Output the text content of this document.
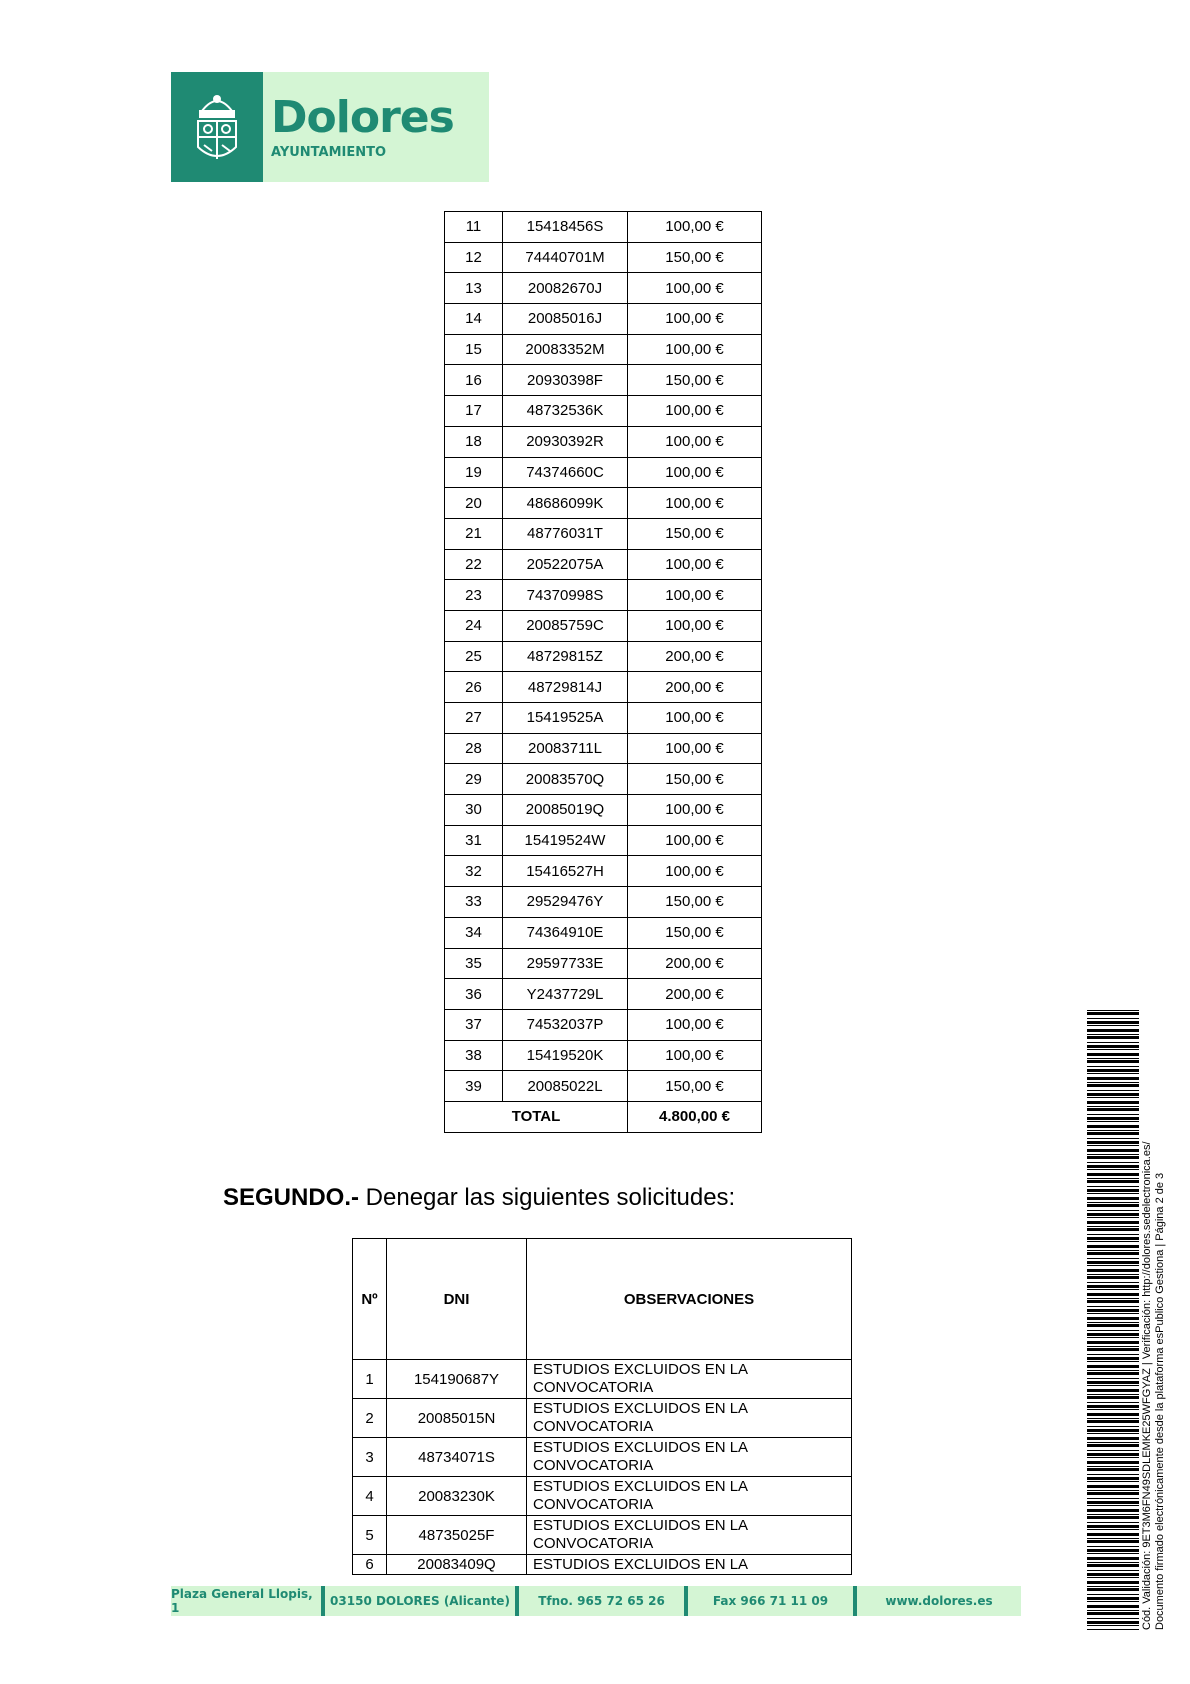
Dolores
AYUNTAMIENTO
11	15418456S	100,00 €
12	74440701M	150,00 €
13	20082670J	100,00 €
14	20085016J	100,00 €
15	20083352M	100,00 €
16	20930398F	150,00 €
17	48732536K	100,00 €
18	20930392R	100,00 €
19	74374660C	100,00 €
20	48686099K	100,00 €
21	48776031T	150,00 €
22	20522075A	100,00 €
23	74370998S	100,00 €
24	20085759C	100,00 €
25	48729815Z	200,00 €
26	48729814J	200,00 €
27	15419525A	100,00 €
28	20083711L	100,00 €
29	20083570Q	150,00 €
30	20085019Q	100,00 €
31	15419524W	100,00 €
32	15416527H	100,00 €
33	29529476Y	150,00 €
34	74364910E	150,00 €
35	29597733E	200,00 €
36	Y2437729L	200,00 €
37	74532037P	100,00 €
38	15419520K	100,00 €
39	20085022L	150,00 €
TOTAL		4.800,00 €
SEGUNDO.- Denegar las siguientes solicitudes:
Nº	DNI	OBSERVACIONES
1	154190687Y	ESTUDIOS EXCLUIDOS EN LA CONVOCATORIA
2	20085015N	ESTUDIOS EXCLUIDOS EN LA CONVOCATORIA
3	48734071S	ESTUDIOS EXCLUIDOS EN LA CONVOCATORIA
4	20083230K	ESTUDIOS EXCLUIDOS EN LA CONVOCATORIA
5	48735025F	ESTUDIOS EXCLUIDOS EN LA CONVOCATORIA
6	20083409Q	ESTUDIOS EXCLUIDOS EN LA
Plaza General Llopis, 1	03150 DOLORES (Alicante)	Tfno. 965 72 65 26	Fax 966 71 11 09	www.dolores.es	Cód. Validación: 9ET3M6FN49SDLEMKE25WFGYAZ | Verificación: http://dolores.sedelectronica.es/ Documento firmado electrónicamente desde la plataforma esPublico Gestiona | Página 2 de 3
